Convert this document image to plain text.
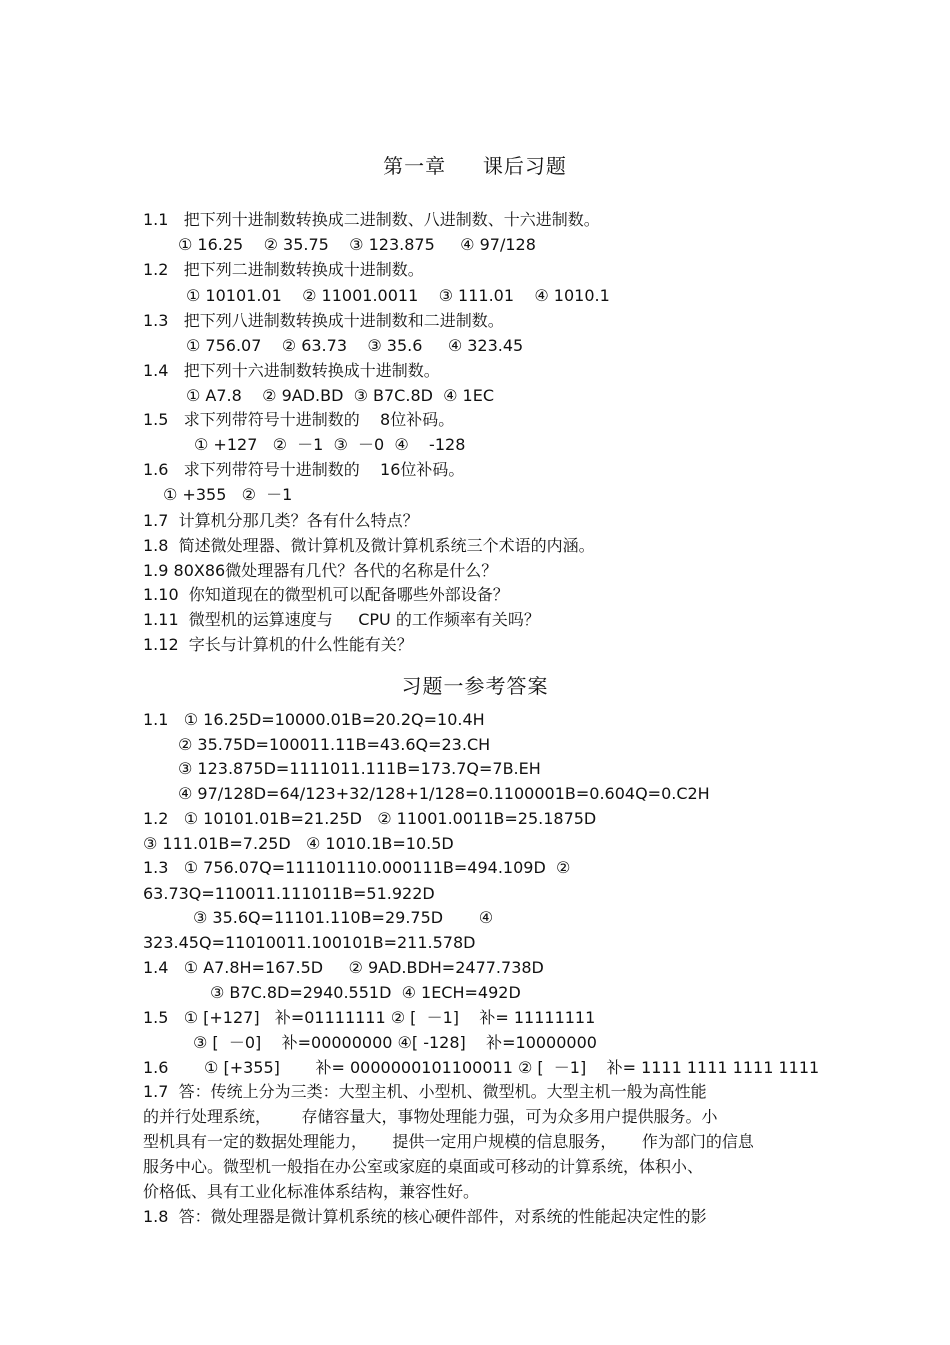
第一章     课后习题
1.1   把下列十进制数转换成二进制数、八进制数、十六进制数。
① 16.25    ② 35.75    ③ 123.875     ④ 97/128
1.2   把下列二进制数转换成十进制数。
① 10101.01    ② 11001.0011    ③ 111.01    ④ 1010.1
1.3   把下列八进制数转换成十进制数和二进制数。
① 756.07    ② 63.73    ③ 35.6     ④ 323.45
1.4   把下列十六进制数转换成十进制数。
① A7.8    ② 9AD.BD  ③ B7C.8D  ④ 1EC
1.5   求下列带符号十进制数的    8位补码。
① +127   ②  －1  ③  －0  ④    -128
1.6   求下列带符号十进制数的    16位补码。
① +355   ②  －1
1.7  计算机分那几类？各有什么特点？
1.8  简述微处理器、微计算机及微计算机系统三个术语的内涵。
1.9 80X86微处理器有几代？各代的名称是什么？
1.10  你知道现在的微型机可以配备哪些外部设备？
1.11  微型机的运算速度与     CPU 的工作频率有关吗？
1.12  字长与计算机的什么性能有关？
习题一参考答案
1.1   ① 16.25D=10000.01B=20.2Q=10.4H
② 35.75D=100011.11B=43.6Q=23.CH
③ 123.875D=1111011.111B=173.7Q=7B.EH
④ 97/128D=64/123+32/128+1/128=0.1100001B=0.604Q=0.C2H
1.2   ① 10101.01B=21.25D   ② 11001.0011B=25.1875D
③ 111.01B=7.25D   ④ 1010.1B=10.5D
1.3   ① 756.07Q=111101110.000111B=494.109D  ②
63.73Q=110011.111011B=51.922D
③ 35.6Q=11101.110B=29.75D       ④
323.45Q=11010011.100101B=211.578D
1.4   ① A7.8H=167.5D     ② 9AD.BDH=2477.738D
③ B7C.8D=2940.551D  ④ 1ECH=492D
1.5   ① [+127]   补=01111111 ② [  －1]    补= 11111111
③ [  －0]    补=00000000 ④[ -128]    补=10000000
1.6       ① [+355]       补= 0000000101100011 ② [  －1]    补= 1111 1111 1111 1111
1.7  答：传统上分为三类：大型主机、小型机、微型机。大型主机一般为高性能
的并行处理系统，      存储容量大，事物处理能力强，可为众多用户提供服务。小
型机具有一定的数据处理能力，     提供一定用户规模的信息服务，     作为部门的信息
服务中心。微型机一般指在办公室或家庭的桌面或可移动的计算系统，体积小、
价格低、具有工业化标准体系结构，兼容性好。
1.8  答：微处理器是微计算机系统的核心硬件部件，对系统的性能起决定性的影
